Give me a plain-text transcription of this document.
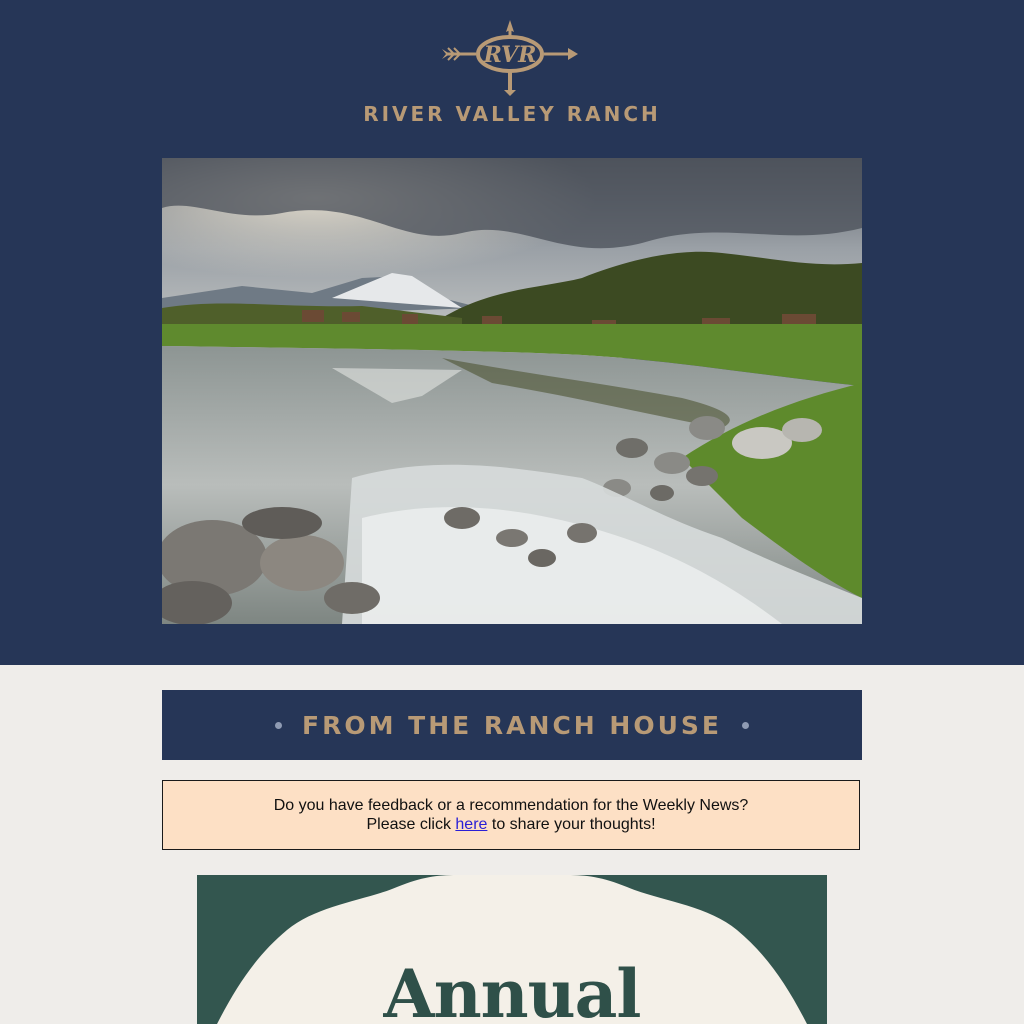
RVR
RIVER VALLEY RANCH
FROM THE RANCH HOUSE
Do you have feedback or a recommendation for the Weekly News?
Please click here to share your thoughts!
Annual
